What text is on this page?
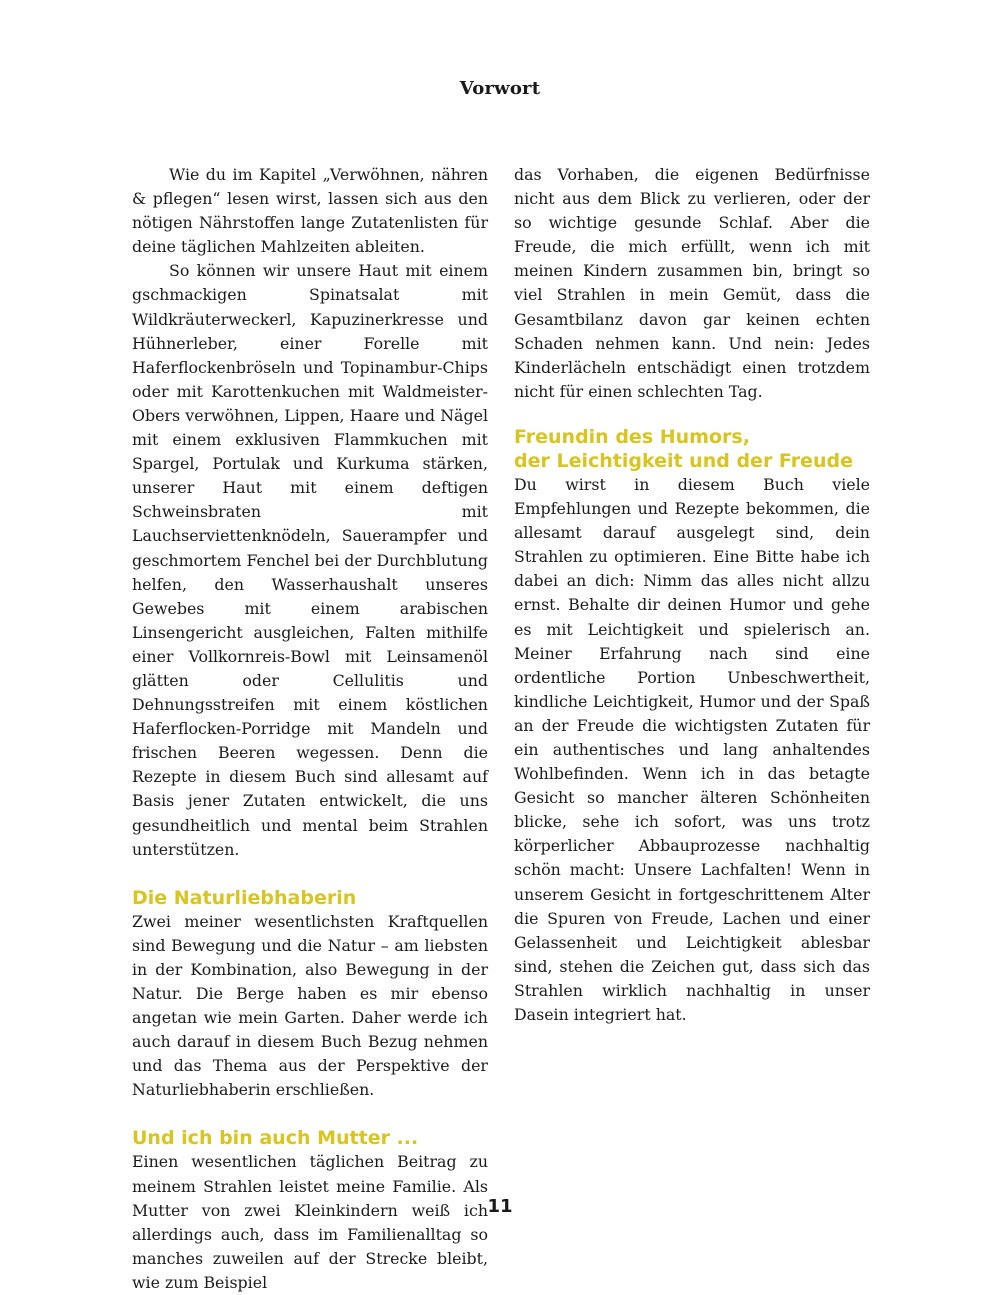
Vorwort

Wie du im Kapitel „Verwöhnen, nähren & pflegen“ lesen wirst, lassen sich aus den nötigen Nährstoffen lange Zutatenlisten für deine täglichen Mahlzeiten ableiten.

So können wir unsere Haut mit einem gschmackigen Spinatsalat mit Wildkräuterweckerl, Kapuzinerkresse und Hühnerleber, einer Forelle mit Haferflockenbröseln und Topinambur-Chips oder mit Karottenkuchen mit Waldmeister-Obers verwöhnen, Lippen, Haare und Nägel mit einem exklusiven Flammkuchen mit Spargel, Portulak und Kurkuma stärken, unserer Haut mit einem deftigen Schweinsbraten mit Lauchserviettenknödeln, Sauerampfer und geschmortem Fenchel bei der Durchblutung helfen, den Wasserhaushalt unseres Gewebes mit einem arabischen Linsengericht ausgleichen, Falten mithilfe einer Vollkornreis-Bowl mit Leinsamenöl glätten oder Cellulitis und Dehnungsstreifen mit einem köstlichen Haferflocken-Porridge mit Mandeln und frischen Beeren wegessen. Denn die Rezepte in diesem Buch sind allesamt auf Basis jener Zutaten entwickelt, die uns gesundheitlich und mental beim Strahlen unterstützen.

Die Naturliebhaberin

Zwei meiner wesentlichsten Kraftquellen sind Bewegung und die Natur – am liebsten in der Kombination, also Bewegung in der Natur. Die Berge haben es mir ebenso angetan wie mein Garten. Daher werde ich auch darauf in diesem Buch Bezug nehmen und das Thema aus der Perspektive der Naturliebhaberin erschließen.

Und ich bin auch Mutter ...

Einen wesentlichen täglichen Beitrag zu meinem Strahlen leistet meine Familie. Als Mutter von zwei Kleinkindern weiß ich allerdings auch, dass im Familienalltag so manches zuweilen auf der Strecke bleibt, wie zum Beispiel

das Vorhaben, die eigenen Bedürfnisse nicht aus dem Blick zu verlieren, oder der so wichtige gesunde Schlaf. Aber die Freude, die mich erfüllt, wenn ich mit meinen Kindern zusammen bin, bringt so viel Strahlen in mein Gemüt, dass die Gesamtbilanz davon gar keinen echten Schaden nehmen kann. Und nein: Jedes Kinderlächeln entschädigt einen trotzdem nicht für einen schlechten Tag.

Freundin des Humors,
der Leichtigkeit und der Freude

Du wirst in diesem Buch viele Empfehlungen und Rezepte bekommen, die allesamt darauf ausgelegt sind, dein Strahlen zu optimieren. Eine Bitte habe ich dabei an dich: Nimm das alles nicht allzu ernst. Behalte dir deinen Humor und gehe es mit Leichtigkeit und spielerisch an. Meiner Erfahrung nach sind eine ordentliche Portion Unbeschwertheit, kindliche Leichtigkeit, Humor und der Spaß an der Freude die wichtigsten Zutaten für ein authentisches und lang anhaltendes Wohlbefinden. Wenn ich in das betagte Gesicht so mancher älteren Schönheiten blicke, sehe ich sofort, was uns trotz körperlicher Abbauprozesse nachhaltig schön macht: Unsere Lachfalten! Wenn in unserem Gesicht in fortgeschrittenem Alter die Spuren von Freude, Lachen und einer Gelassenheit und Leichtigkeit ablesbar sind, stehen die Zeichen gut, dass sich das Strahlen wirklich nachhaltig in unser Dasein integriert hat.

11
